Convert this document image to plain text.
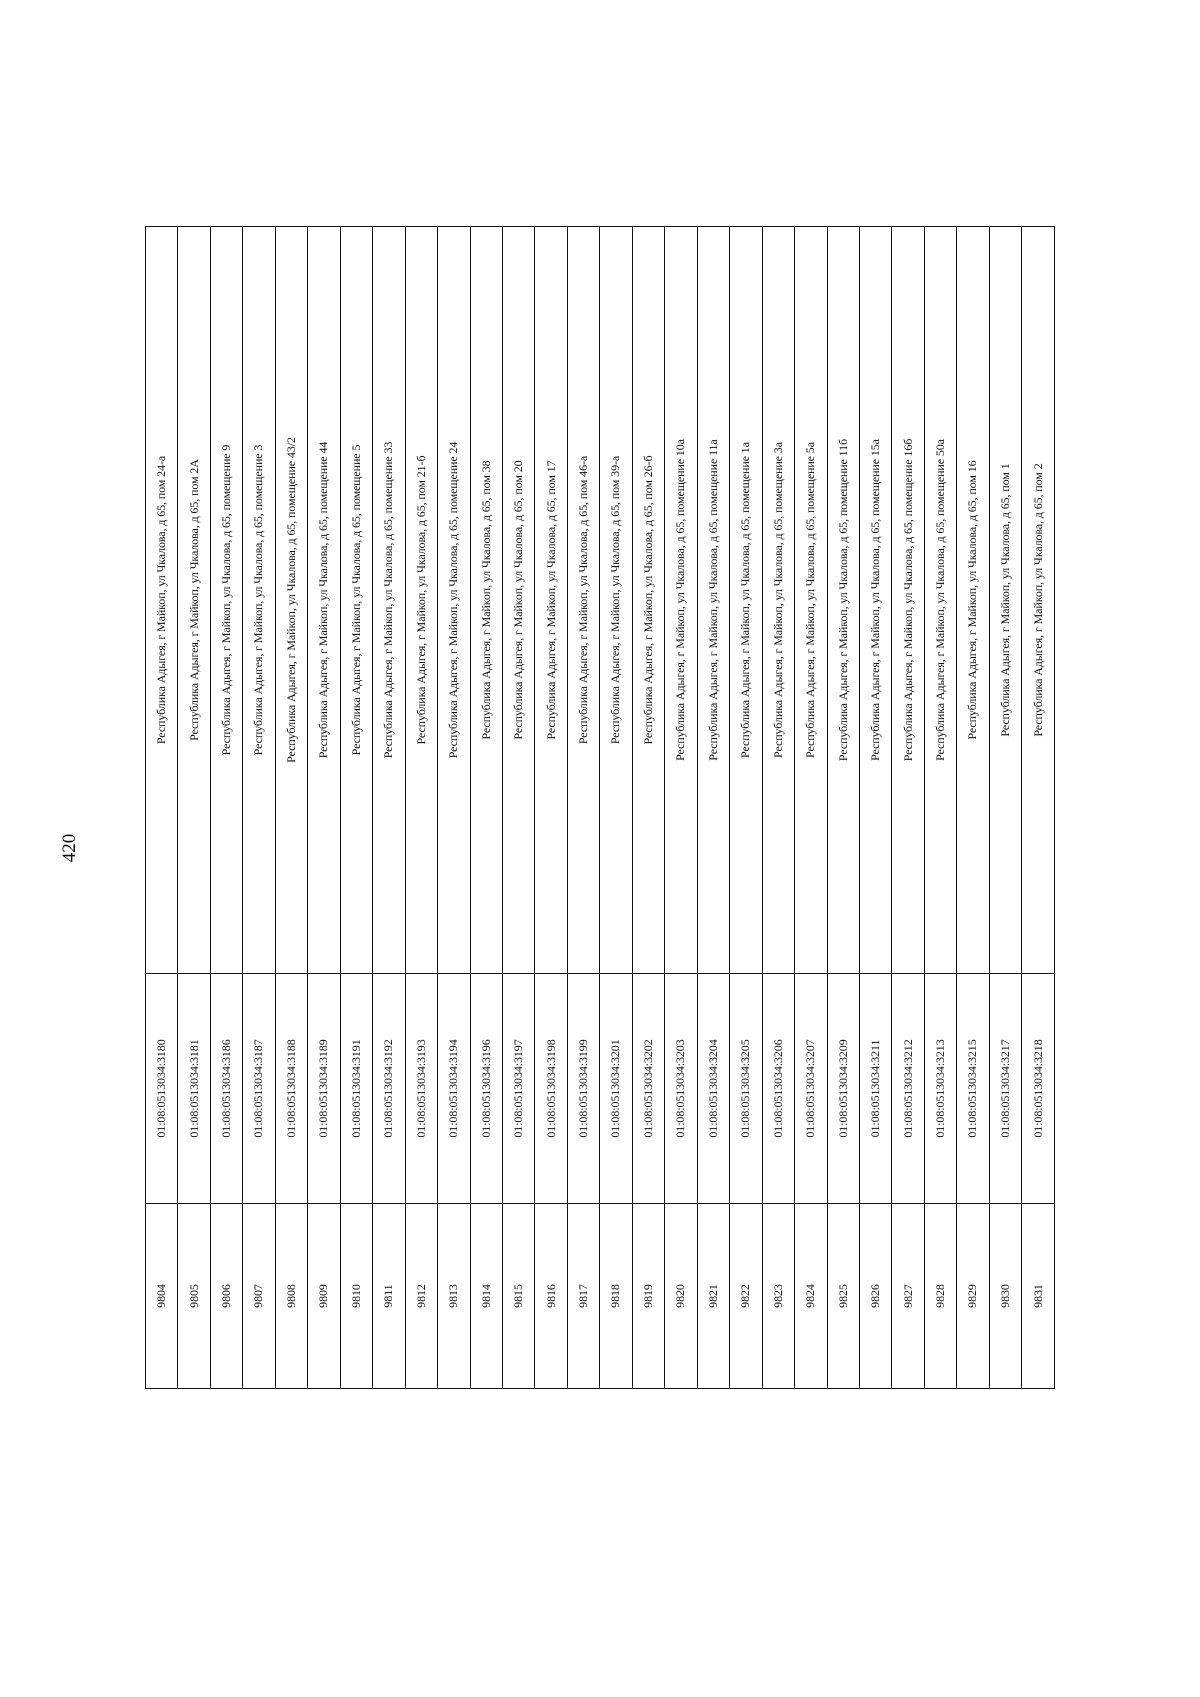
420
9804	01:08:0513034:3180	Республика Адыгея, г Майкоп, ул Чкалова, д 65, пом 24-а
9805	01:08:0513034:3181	Республика Адыгея, г Майкоп, ул Чкалова, д 65, пом 2А
9806	01:08:0513034:3186	Республика Адыгея, г Майкоп, ул Чкалова, д 65, помещение 9
9807	01:08:0513034:3187	Республика Адыгея, г Майкоп, ул Чкалова, д 65, помещение 3
9808	01:08:0513034:3188	Республика Адыгея, г Майкоп, ул Чкалова, д 65, помещение 43/2
9809	01:08:0513034:3189	Республика Адыгея, г Майкоп, ул Чкалова, д 65, помещение 44
9810	01:08:0513034:3191	Республика Адыгея, г Майкоп, ул Чкалова, д 65, помещение 5
9811	01:08:0513034:3192	Республика Адыгея, г Майкоп, ул Чкалова, д 65, помещение 33
9812	01:08:0513034:3193	Республика Адыгея, г Майкоп, ул Чкалова, д 65, пом 21-б
9813	01:08:0513034:3194	Республика Адыгея, г Майкоп, ул Чкалова, д 65, помещение 24
9814	01:08:0513034:3196	Республика Адыгея, г Майкоп, ул Чкалова, д 65, пом 38
9815	01:08:0513034:3197	Республика Адыгея, г Майкоп, ул Чкалова, д 65, пом 20
9816	01:08:0513034:3198	Республика Адыгея, г Майкоп, ул Чкалова, д 65, пом 17
9817	01:08:0513034:3199	Республика Адыгея, г Майкоп, ул Чкалова, д 65, пом 46-а
9818	01:08:0513034:3201	Республика Адыгея, г Майкоп, ул Чкалова, д 65, пом 39-а
9819	01:08:0513034:3202	Республика Адыгея, г Майкоп, ул Чкалова, д 65, пом 26-б
9820	01:08:0513034:3203	Республика Адыгея, г Майкоп, ул Чкалова, д 65, помещение 10а
9821	01:08:0513034:3204	Республика Адыгея, г Майкоп, ул Чкалова, д 65, помещение 11а
9822	01:08:0513034:3205	Республика Адыгея, г Майкоп, ул Чкалова, д 65, помещение 1а
9823	01:08:0513034:3206	Республика Адыгея, г Майкоп, ул Чкалова, д 65, помещение 3а
9824	01:08:0513034:3207	Республика Адыгея, г Майкоп, ул Чкалова, д 65, помещение 5а
9825	01:08:0513034:3209	Республика Адыгея, г Майкоп, ул Чкалова, д 65, помещение 11б
9826	01:08:0513034:3211	Республика Адыгея, г Майкоп, ул Чкалова, д 65, помещение 15а
9827	01:08:0513034:3212	Республика Адыгея, г Майкоп, ул Чкалова, д 65, помещение 16б
9828	01:08:0513034:3213	Республика Адыгея, г Майкоп, ул Чкалова, д 65, помещение 50а
9829	01:08:0513034:3215	Республика Адыгея, г Майкоп, ул Чкалова, д 65, пом 16
9830	01:08:0513034:3217	Республика Адыгея, г Майкоп, ул Чкалова, д 65, пом 1
9831	01:08:0513034:3218	Республика Адыгея, г Майкоп, ул Чкалова, д 65, пом 2
